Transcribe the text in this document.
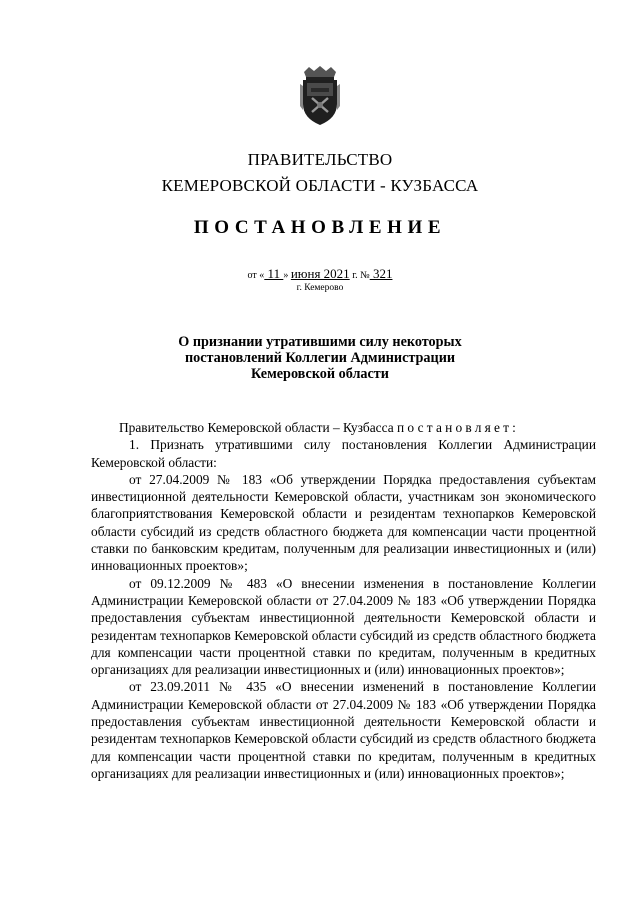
ПРАВИТЕЛЬСТВО
КЕМЕРОВСКОЙ ОБЛАСТИ - КУЗБАССА
ПОСТАНОВЛЕНИЕ
от « 11 » июня 2021 г. № 321
г. Кемерово
О признании утратившими силу некоторых
постановлений Коллегии Администрации
Кемеровской области

Правительство Кемеровской области – Кузбасса постановляет:

1. Признать утратившими силу постановления Коллегии Администрации Кемеровской области:

от 27.04.2009 № 183 «Об утверждении Порядка предоставления субъектам инвестиционной деятельности Кемеровской области, участникам зон экономического благоприятствования Кемеровской области и резидентам технопарков Кемеровской области субсидий из средств областного бюджета для компенсации части процентной ставки по банковским кредитам, полученным для реализации инвестиционных и (или) инновационных проектов»;

от 09.12.2009 № 483 «О внесении изменения в постановление Коллегии Администрации Кемеровской области от 27.04.2009 № 183 «Об утверждении Порядка предоставления субъектам инвестиционной деятельности Кемеровской области и резидентам технопарков Кемеровской области субсидий из средств областного бюджета для компенсации части процентной ставки по кредитам, полученным в кредитных организациях для реализации инвестиционных и (или) инновационных проектов»;

от 23.09.2011 № 435 «О внесении изменений в постановление Коллегии Администрации Кемеровской области от 27.04.2009 № 183 «Об утверждении Порядка предоставления субъектам инвестиционной деятельности Кемеровской области и резидентам технопарков Кемеровской области субсидий из средств областного бюджета для компенсации части процентной ставки по кредитам, полученным в кредитных организациях для реализации инвестиционных и (или) инновационных проектов»;
